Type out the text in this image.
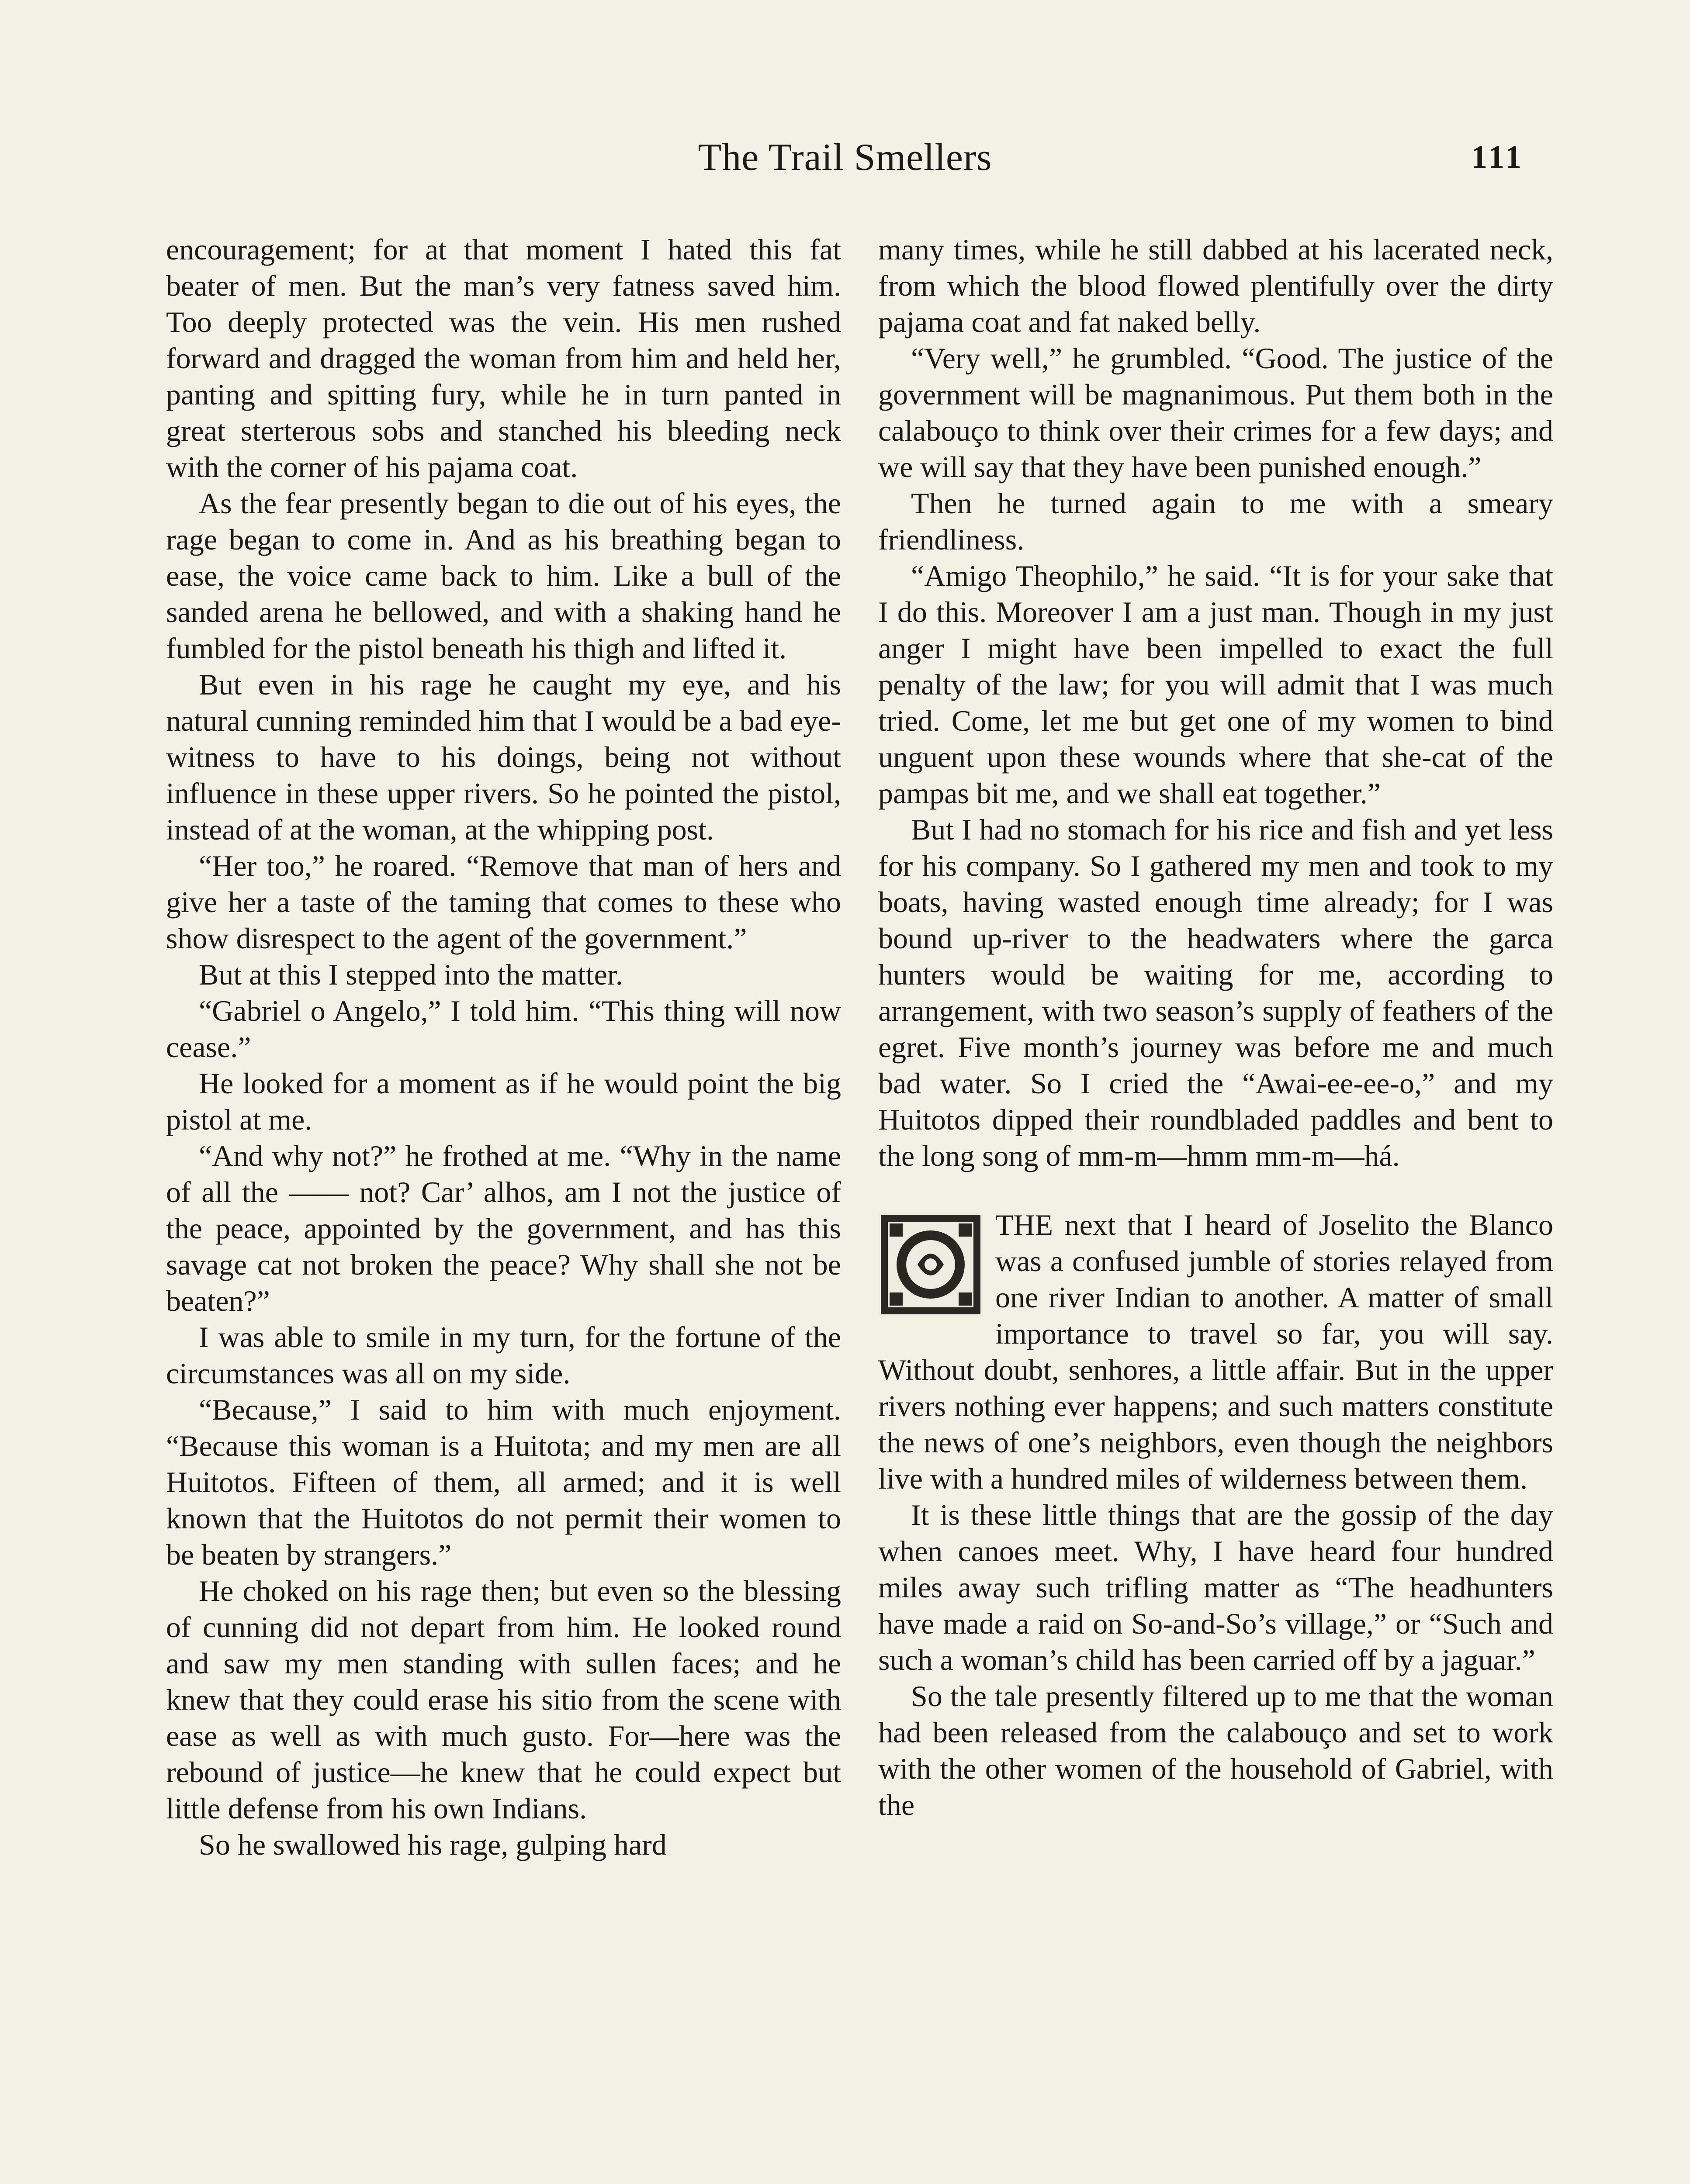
The Trail Smellers	111

encouragement; for at that moment I hated this fat beater of men. But the man’s very fatness saved him. Too deeply protected was the vein. His men rushed forward and dragged the woman from him and held her, panting and spitting fury, while he in turn panted in great sterterous sobs and stanched his bleeding neck with the corner of his pajama coat.

As the fear presently began to die out of his eyes, the rage began to come in. And as his breathing began to ease, the voice came back to him. Like a bull of the sanded arena he bellowed, and with a shaking hand he fumbled for the pistol beneath his thigh and lifted it.

But even in his rage he caught my eye, and his natural cunning reminded him that I would be a bad eye-witness to have to his doings, being not without influence in these upper rivers. So he pointed the pistol, instead of at the woman, at the whipping post.

“Her too,” he roared. “Remove that man of hers and give her a taste of the taming that comes to these who show disrespect to the agent of the government.”

But at this I stepped into the matter.

“Gabriel o Angelo,” I told him. “This thing will now cease.”

He looked for a moment as if he would point the big pistol at me.

“And why not?” he frothed at me. “Why in the name of all the —— not? Car’ alhos, am I not the justice of the peace, appointed by the government, and has this savage cat not broken the peace? Why shall she not be beaten?”

I was able to smile in my turn, for the fortune of the circumstances was all on my side.

“Because,” I said to him with much enjoyment. “Because this woman is a Huitota; and my men are all Huitotos. Fifteen of them, all armed; and it is well known that the Huitotos do not permit their women to be beaten by strangers.”

He choked on his rage then; but even so the blessing of cunning did not depart from him. He looked round and saw my men standing with sullen faces; and he knew that they could erase his sitio from the scene with ease as well as with much gusto. For—here was the rebound of justice—he knew that he could expect but little defense from his own Indians.

So he swallowed his rage, gulping hard

many times, while he still dabbed at his lacerated neck, from which the blood flowed plentifully over the dirty pajama coat and fat naked belly.

“Very well,” he grumbled. “Good. The justice of the government will be magnanimous. Put them both in the calabouço to think over their crimes for a few days; and we will say that they have been punished enough.”

Then he turned again to me with a smeary friendliness.

“Amigo Theophilo,” he said. “It is for your sake that I do this. Moreover I am a just man. Though in my just anger I might have been impelled to exact the full penalty of the law; for you will admit that I was much tried. Come, let me but get one of my women to bind unguent upon these wounds where that she-cat of the pampas bit me, and we shall eat together.”

But I had no stomach for his rice and fish and yet less for his company. So I gathered my men and took to my boats, having wasted enough time already; for I was bound up-river to the headwaters where the garca hunters would be waiting for me, according to arrangement, with two season’s supply of feathers of the egret. Five month’s journey was before me and much bad water. So I cried the “Awai-ee-ee-o,” and my Huitotos dipped their roundbladed paddles and bent to the long song of mm-m—hmm mm-m—há.

THE next that I heard of Joselito the Blanco was a confused jumble of stories relayed from one river Indian to another. A matter of small importance to travel so far, you will say. Without doubt, senhores, a little affair. But in the upper rivers nothing ever happens; and such matters constitute the news of one’s neighbors, even though the neighbors live with a hundred miles of wilderness between them.

It is these little things that are the gossip of the day when canoes meet. Why, I have heard four hundred miles away such trifling matter as “The headhunters have made a raid on So-and-So’s village,” or “Such and such a woman’s child has been carried off by a jaguar.”

So the tale presently filtered up to me that the woman had been released from the calabouço and set to work with the other women of the household of Gabriel, with the
